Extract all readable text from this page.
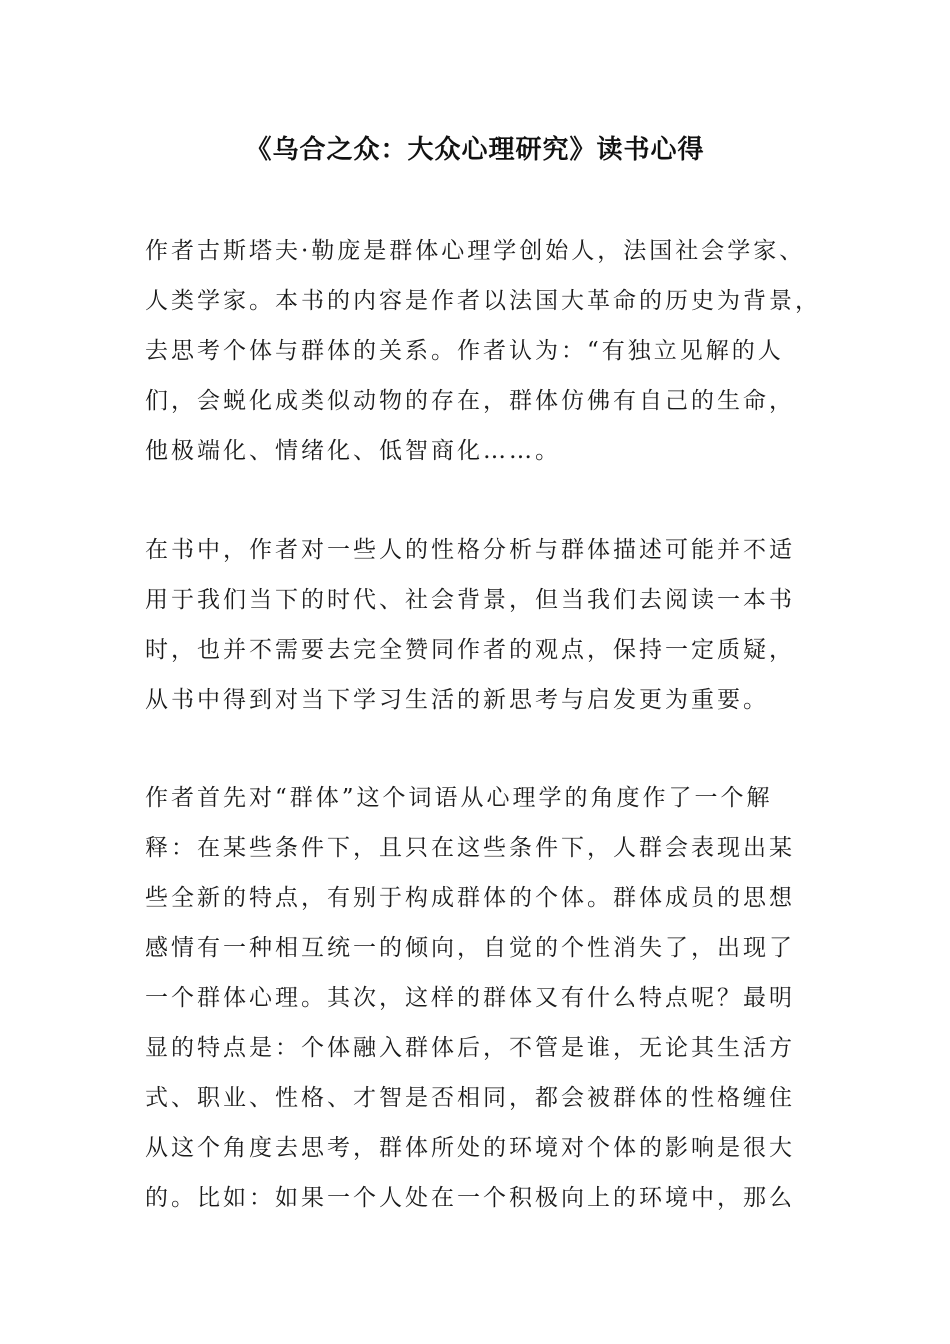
《乌合之众：大众心理研究》读书心得
作者古斯塔夫·勒庞是群体心理学创始人，法国社会学家、
人类学家。本书的内容是作者以法国大革命的历史为背景，
去思考个体与群体的关系。作者认为：“有独立见解的人
们，会蜕化成类似动物的存在，群体仿佛有自己的生命，
他极端化、情绪化、低智商化……。
在书中，作者对一些人的性格分析与群体描述可能并不适
用于我们当下的时代、社会背景，但当我们去阅读一本书
时，也并不需要去完全赞同作者的观点，保持一定质疑，
从书中得到对当下学习生活的新思考与启发更为重要。
作者首先对“群体”这个词语从心理学的角度作了一个解
释：在某些条件下，且只在这些条件下，人群会表现出某
些全新的特点，有别于构成群体的个体。群体成员的思想
感情有一种相互统一的倾向，自觉的个性消失了，出现了
一个群体心理。其次，这样的群体又有什么特点呢？最明
显的特点是：个体融入群体后，不管是谁，无论其生活方
式、职业、性格、才智是否相同，都会被群体的性格缠住
从这个角度去思考，群体所处的环境对个体的影响是很大
的。比如：如果一个人处在一个积极向上的环境中，那么
